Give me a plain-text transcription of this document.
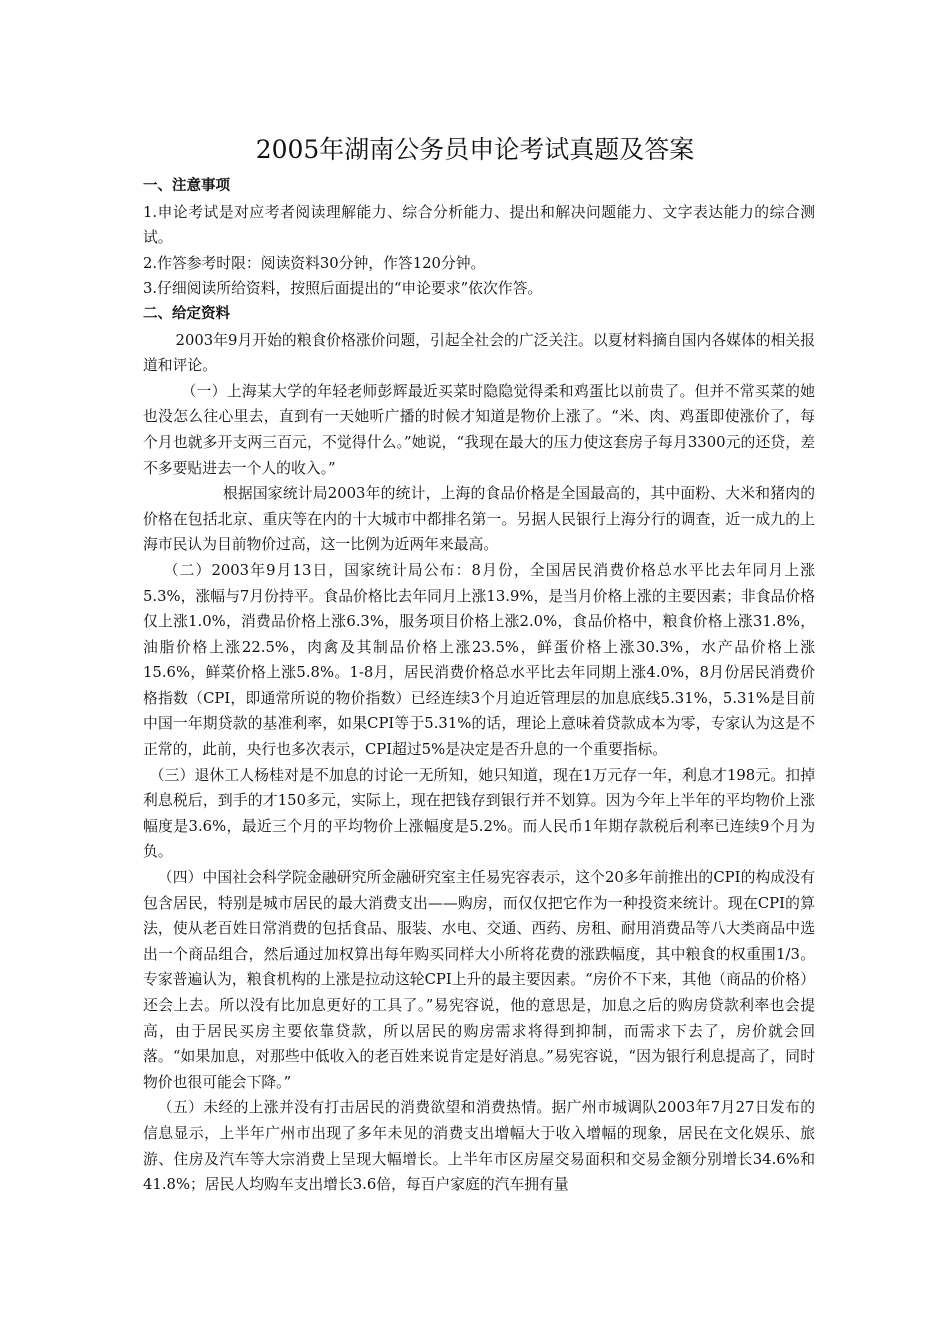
2005年湖南公务员申论考试真题及答案

一、注意事项

1.申论考试是对应考者阅读理解能力、综合分析能力、提出和解决问题能力、文字表达能力的综合测试。

2.作答参考时限：阅读资料30分钟，作答120分钟。

3.仔细阅读所给资料，按照后面提出的“申论要求”依次作答。

二、给定资料

2003年9月开始的粮食价格涨价问题，引起全社会的广泛关注。以夏材料摘自国内各媒体的相关报道和评论。

（一）上海某大学的年轻老师彭辉最近买菜时隐隐觉得柔和鸡蛋比以前贵了。但并不常买菜的她也没怎么往心里去，直到有一天她听广播的时候才知道是物价上涨了。“米、肉、鸡蛋即使涨价了，每个月也就多开支两三百元，不觉得什么。”她说，“我现在最大的压力使这套房子每月3300元的还贷，差不多要贴进去一个人的收入。”

根据国家统计局2003年的统计，上海的食品价格是全国最高的，其中面粉、大米和猪肉的价格在包括北京、重庆等在内的十大城市中都排名第一。另据人民银行上海分行的调查，近一成九的上海市民认为目前物价过高，这一比例为近两年来最高。

（二）2003年9月13日，国家统计局公布：8月份，全国居民消费价格总水平比去年同月上涨5.3%，涨幅与7月份持平。食品价格比去年同月上涨13.9%，是当月价格上涨的主要因素；非食品价格仅上涨1.0%，消费品价格上涨6.3%，服务项目价格上涨2.0%，食品价格中，粮食价格上涨31.8%，油脂价格上涨22.5%，肉禽及其制品价格上涨23.5%，鲜蛋价格上涨30.3%，水产品价格上涨15.6%，鲜菜价格上涨5.8%。1-8月，居民消费价格总水平比去年同期上涨4.0%，8月份居民消费价格指数（CPI，即通常所说的物价指数）已经连续3个月迫近管理层的加息底线5.31%，5.31%是目前中国一年期贷款的基准利率，如果CPI等于5.31%的话，理论上意味着贷款成本为零，专家认为这是不正常的，此前，央行也多次表示，CPI超过5%是决定是否升息的一个重要指标。

（三）退休工人杨桂对是不加息的讨论一无所知，她只知道，现在1万元存一年，利息才198元。扣掉利息税后，到手的才150多元，实际上，现在把钱存到银行并不划算。因为今年上半年的平均物价上涨幅度是3.6%，最近三个月的平均物价上涨幅度是5.2%。而人民币1年期存款税后利率已连续9个月为负。

（四）中国社会科学院金融研究所金融研究室主任易宪容表示，这个20多年前推出的CPI的构成没有包含居民，特别是城市居民的最大消费支出——购房，而仅仅把它作为一种投资来统计。现在CPI的算法，使从老百姓日常消费的包括食品、服装、水电、交通、西药、房租、耐用消费品等八大类商品中选出一个商品组合，然后通过加权算出每年购买同样大小所将花费的涨跌幅度，其中粮食的权重围1/3。专家普遍认为，粮食机构的上涨是拉动这轮CPI上升的最主要因素。“房价不下来，其他（商品的价格）还会上去。所以没有比加息更好的工具了。”易宪容说，他的意思是，加息之后的购房贷款利率也会提高，由于居民买房主要依靠贷款，所以居民的购房需求将得到抑制，而需求下去了，房价就会回落。“如果加息，对那些中低收入的老百姓来说肯定是好消息。”易宪容说，“因为银行利息提高了，同时物价也很可能会下降。”

（五）未经的上涨并没有打击居民的消费欲望和消费热情。据广州市城调队2003年7月27日发布的信息显示，上半年广州市出现了多年未见的消费支出增幅大于收入增幅的现象，居民在文化娱乐、旅游、住房及汽车等大宗消费上呈现大幅增长。上半年市区房屋交易面积和交易金额分别增长34.6%和41.8%；居民人均购车支出增长3.6倍，每百户家庭的汽车拥有量
